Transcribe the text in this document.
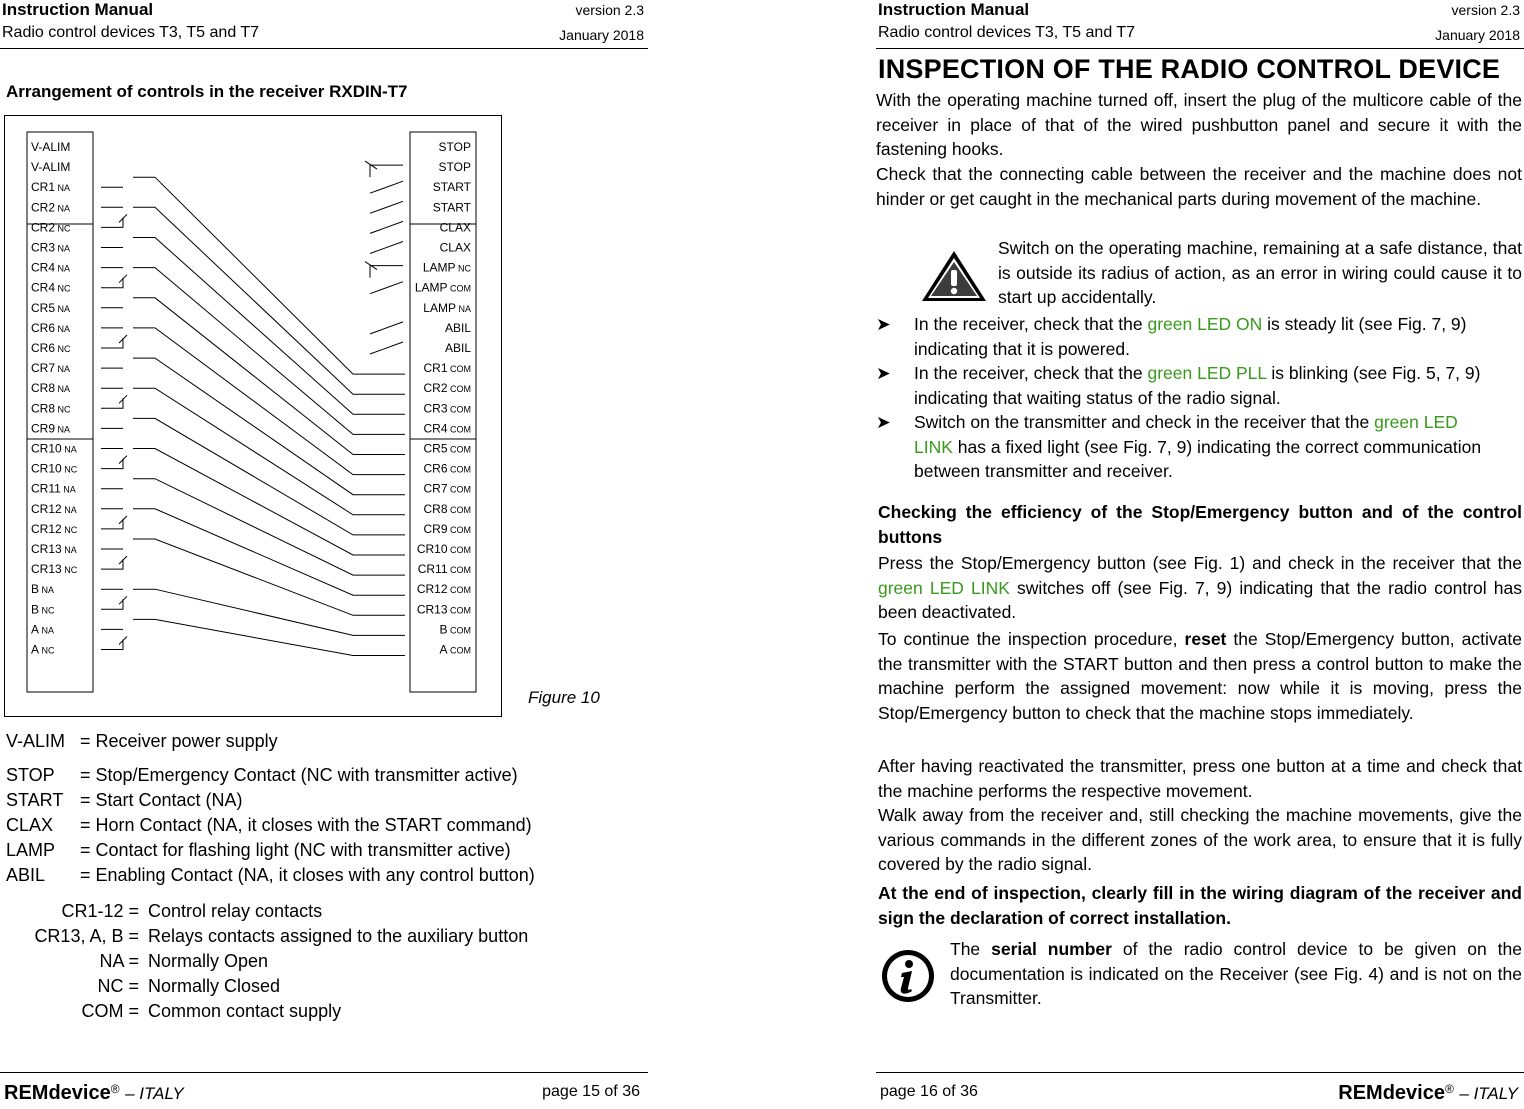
Instruction Manual
Radio control devices T3, T5 and T7
version 2.3
January 2018
Arrangement of controls in the receiver RXDIN-T7
V-ALIM
V-ALIM
CR1 NA
CR2 NA
CR2 NC
CR3 NA
CR4 NA
CR4 NC
CR5 NA
CR6 NA
CR6 NC
CR7 NA
CR8 NA
CR8 NC
CR9 NA
CR10 NA
CR10 NC
CR11 NA
CR12 NA
CR12 NC
CR13 NA
CR13 NC
B NA
B NC
A NA
A NC
STOP
STOP
START
START
CLAX
CLAX
LAMP NC
LAMP COM
LAMP NA
ABIL
ABIL
CR1 COM
CR2 COM
CR3 COM
CR4 COM
CR5 COM
CR6 COM
CR7 COM
CR8 COM
CR9 COM
CR10 COM
CR11 COM
CR12 COM
CR13 COM
B COM
A COM
Figure 10
V-ALIM = Receiver power supply
STOP = Stop/Emergency Contact (NC with transmitter active)
START = Start Contact (NA)
CLAX = Horn Contact (NA, it closes with the START command)
LAMP = Contact for flashing light (NC with transmitter active)
ABIL = Enabling Contact (NA, it closes with any control button)
CR1-12 = Control relay contacts
CR13, A, B = Relays contacts assigned to the auxiliary button
NA = Normally Open
NC = Normally Closed
COM = Common contact supply
REMdevice® – ITALY	page 15 of 36
Instruction Manual
Radio control devices T3, T5 and T7
version 2.3
January 2018
INSPECTION OF THE RADIO CONTROL DEVICE
With the operating machine turned off, insert the plug of the multicore cable of the receiver in place of that of the wired pushbutton panel and secure it with the fastening hooks.
Check that the connecting cable between the receiver and the machine does not hinder or get caught in the mechanical parts during movement of the machine.
Switch on the operating machine, remaining at a safe distance, that is outside its radius of action, as an error in wiring could cause it to start up accidentally.
➤ In the receiver, check that the green LED ON is steady lit (see Fig. 7, 9) indicating that it is powered.
➤ In the receiver, check that the green LED PLL is blinking (see Fig. 5, 7, 9) indicating that waiting status of the radio signal.
➤ Switch on the transmitter and check in the receiver that the green LED LINK has a fixed light (see Fig. 7, 9) indicating the correct communication between transmitter and receiver.
Checking the efficiency of the Stop/Emergency button and of the control buttons
Press the Stop/Emergency button (see Fig. 1) and check in the receiver that the green LED LINK switches off (see Fig. 7, 9) indicating that the radio control has been deactivated.
To continue the inspection procedure, reset the Stop/Emergency button, activate the transmitter with the START button and then press a control button to make the machine perform the assigned movement: now while it is moving, press the Stop/Emergency button to check that the machine stops immediately.
After having reactivated the transmitter, press one button at a time and check that the machine performs the respective movement.
Walk away from the receiver and, still checking the machine movements, give the various commands in the different zones of the work area, to ensure that it is fully covered by the radio signal.
At the end of inspection, clearly fill in the wiring diagram of the receiver and sign the declaration of correct installation.
The serial number of the radio control device to be given on the documentation is indicated on the Receiver (see Fig. 4) and is not on the Transmitter.
page 16 of 36	REMdevice® – ITALY
